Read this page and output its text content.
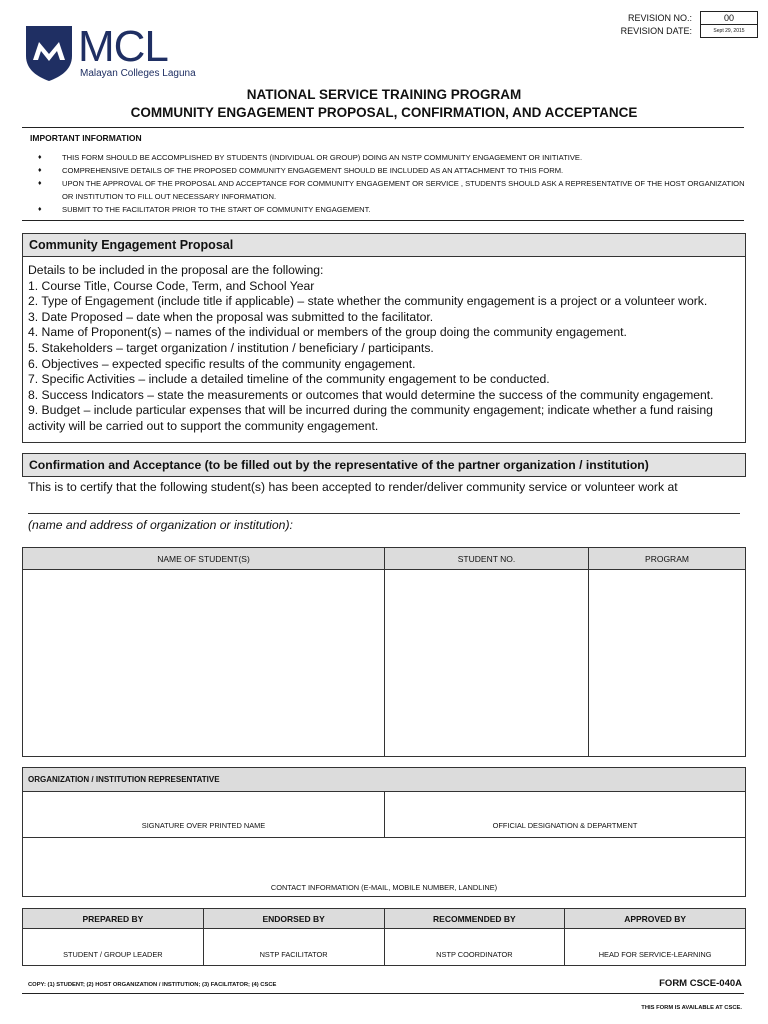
MCL
Malayan Colleges Laguna
REVISION NO.:	00
REVISION DATE:	Sept 29, 2015
NATIONAL SERVICE TRAINING PROGRAM
COMMUNITY ENGAGEMENT PROPOSAL, CONFIRMATION, AND ACCEPTANCE
IMPORTANT INFORMATION
♦	THIS FORM SHOULD BE ACCOMPLISHED BY STUDENTS (INDIVIDUAL OR GROUP) DOING AN NSTP COMMUNITY ENGAGEMENT OR INITIATIVE.
♦	COMPREHENSIVE DETAILS OF THE PROPOSED COMMUNITY ENGAGEMENT SHOULD BE INCLUDED AS AN ATTACHMENT TO THIS FORM.
♦	UPON THE APPROVAL OF THE PROPOSAL AND ACCEPTANCE FOR COMMUNITY ENGAGEMENT OR SERVICE , STUDENTS SHOULD ASK A REPRESENTATIVE OF THE HOST ORGANIZATION OR INSTITUTION TO FILL OUT NECESSARY INFORMATION.
♦	SUBMIT TO THE FACILITATOR PRIOR TO THE START OF COMMUNITY ENGAGEMENT.
Community Engagement Proposal
Details to be included in the proposal are the following:
1. Course Title, Course Code, Term, and School Year
2. Type of Engagement (include title if applicable) – state whether the community engagement is a project or a volunteer work.
3. Date Proposed – date when the proposal was submitted to the facilitator.
4. Name of Proponent(s) – names of the individual or members of the group doing the community engagement.
5. Stakeholders – target organization / institution / beneficiary / participants.
6. Objectives – expected specific results of the community engagement.
7. Specific Activities – include a detailed timeline of the community engagement to be conducted.
8. Success Indicators – state the measurements or outcomes that would determine the success of the community engagement.
9. Budget – include particular expenses that will be incurred during the community engagement; indicate whether a fund raising
activity will be carried out to support the community engagement.
Confirmation and Acceptance (to be filled out by the representative of the partner organization / institution)
This is to certify that the following student(s) has been accepted to render/deliver community service or volunteer work at
(name and address of organization or institution):
NAME OF STUDENT(S)	STUDENT NO.	PROGRAM

ORGANIZATION / INSTITUTION REPRESENTATIVE
SIGNATURE OVER PRINTED NAME	OFFICIAL DESIGNATION & DEPARTMENT
CONTACT INFORMATION (E-MAIL, MOBILE NUMBER, LANDLINE)
PREPARED BY	ENDORSED BY	RECOMMENDED BY	APPROVED BY
STUDENT / GROUP LEADER	NSTP FACILITATOR	NSTP COORDINATOR	HEAD FOR SERVICE-LEARNING
COPY: (1) STUDENT; (2) HOST ORGANIZATION / INSTITUTION; (3) FACILITATOR; (4) CSCE	FORM CSCE-040A
THIS FORM IS AVAILABLE AT CSCE.
